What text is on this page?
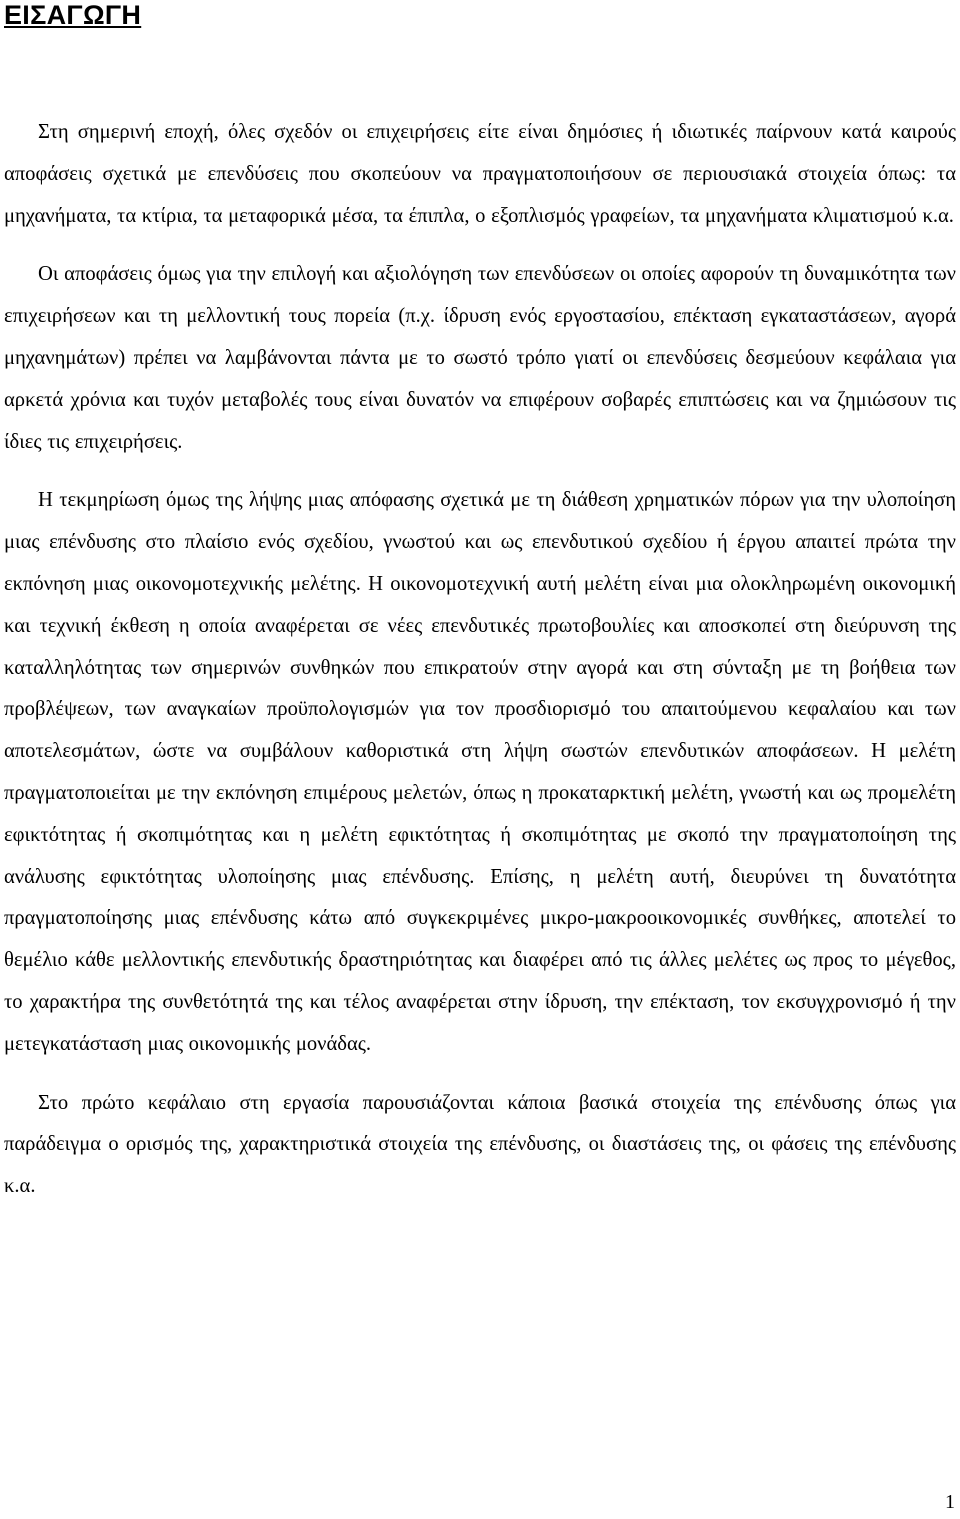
ΕΙΣΑΓΩΓΗ

Στη σημερινή εποχή, όλες σχεδόν οι επιχειρήσεις είτε είναι δημόσιες ή ιδιωτικές παίρνουν κατά καιρούς αποφάσεις σχετικά με επενδύσεις που σκοπεύουν να πραγματοποιήσουν σε περιουσιακά στοιχεία όπως: τα μηχανήματα, τα κτίρια, τα μεταφορικά μέσα, τα έπιπλα, ο εξοπλισμός γραφείων, τα μηχανήματα κλιματισμού κ.α.

Οι αποφάσεις όμως για την επιλογή και αξιολόγηση των επενδύσεων οι οποίες αφορούν τη δυναμικότητα των επιχειρήσεων και τη μελλοντική τους πορεία (π.χ. ίδρυση ενός εργοστασίου, επέκταση εγκαταστάσεων, αγορά μηχανημάτων) πρέπει να λαμβάνονται πάντα με το σωστό τρόπο γιατί οι επενδύσεις δεσμεύουν κεφάλαια για αρκετά χρόνια και τυχόν μεταβολές τους είναι δυνατόν να επιφέρουν σοβαρές επιπτώσεις και να ζημιώσουν τις ίδιες τις επιχειρήσεις.

Η τεκμηρίωση όμως της λήψης μιας απόφασης σχετικά με τη διάθεση χρηματικών πόρων για την υλοποίηση μιας επένδυσης στο πλαίσιο ενός σχεδίου, γνωστού και ως επενδυτικού σχεδίου ή έργου απαιτεί πρώτα την εκπόνηση μιας οικονομοτεχνικής μελέτης. Η οικονομοτεχνική αυτή μελέτη είναι μια ολοκληρωμένη οικονομική και τεχνική έκθεση η οποία αναφέρεται σε νέες επενδυτικές πρωτοβουλίες και αποσκοπεί στη διεύρυνση της καταλληλότητας των σημερινών συνθηκών που επικρατούν στην αγορά και στη σύνταξη με τη βοήθεια των προβλέψεων, των αναγκαίων προϋπολογισμών για τον προσδιορισμό του απαιτούμενου κεφαλαίου και των αποτελεσμάτων, ώστε να συμβάλουν καθοριστικά στη λήψη σωστών επενδυτικών αποφάσεων. Η μελέτη πραγματοποιείται με την εκπόνηση επιμέρους μελετών, όπως η προκαταρκτική μελέτη, γνωστή και ως προμελέτη εφικτότητας ή σκοπιμότητας και η μελέτη εφικτότητας ή σκοπιμότητας με σκοπό την πραγματοποίηση της ανάλυσης εφικτότητας υλοποίησης μιας επένδυσης. Επίσης, η μελέτη αυτή, διευρύνει τη δυνατότητα πραγματοποίησης μιας επένδυσης κάτω από συγκεκριμένες μικρο-μακροοικονομικές συνθήκες, αποτελεί το θεμέλιο κάθε μελλοντικής επενδυτικής δραστηριότητας και διαφέρει από τις άλλες μελέτες ως προς το μέγεθος, το χαρακτήρα της συνθετότητά της και τέλος αναφέρεται στην ίδρυση, την επέκταση, τον εκσυγχρονισμό ή την μετεγκατάσταση μιας οικονομικής μονάδας.

Στο πρώτο κεφάλαιο στη εργασία παρουσιάζονται κάποια βασικά στοιχεία της επένδυσης όπως για παράδειγμα ο ορισμός της, χαρακτηριστικά στοιχεία της επένδυσης, οι διαστάσεις της, οι φάσεις της επένδυσης κ.α.

1
